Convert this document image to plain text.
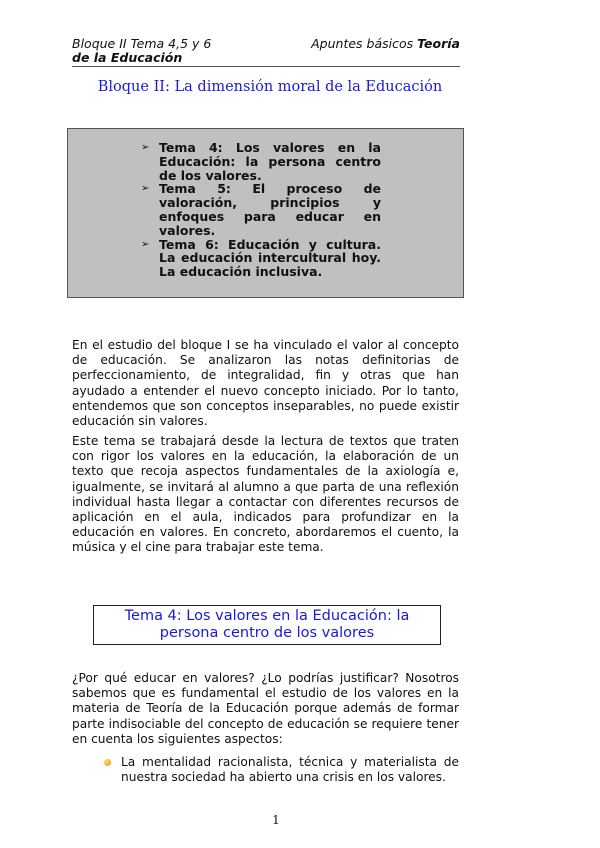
Bloque II Tema 4,5 y 6	Apuntes básicos Teoría
de la Educación
Bloque II: La dimensión moral de la Educación
➢ Tema 4: Los valores en la Educación: la persona centro de los valores.
➢ Tema 5: El proceso de valoración, principios y enfoques para educar en valores.
➢ Tema 6: Educación y cultura. La educación intercultural hoy. La educación inclusiva.

En el estudio del bloque I se ha vinculado el valor al concepto de educación. Se analizaron las notas definitorias de perfeccionamiento, de integralidad, fin y otras que han ayudado a entender el nuevo concepto iniciado. Por lo tanto, entendemos que son conceptos inseparables, no puede existir educación sin valores.

Este tema se trabajará desde la lectura de textos que traten con rigor los valores en la educación, la elaboración de un texto que recoja aspectos fundamentales de la axiología e, igualmente, se invitará al alumno a que parta de una reflexión individual hasta llegar a contactar con diferentes recursos de aplicación en el aula, indicados para profundizar en la educación en valores. En concreto, abordaremos el cuento, la música y el cine para trabajar este tema.

Tema 4: Los valores en la Educación: la
persona centro de los valores

¿Por qué educar en valores? ¿Lo podrías justificar? Nosotros sabemos que es fundamental el estudio de los valores en la materia de Teoría de la Educación porque además de formar parte indisociable del concepto de educación se requiere tener en cuenta los siguientes aspectos:

La mentalidad racionalista, técnica y materialista de nuestra sociedad ha abierto una crisis en los valores.
1
